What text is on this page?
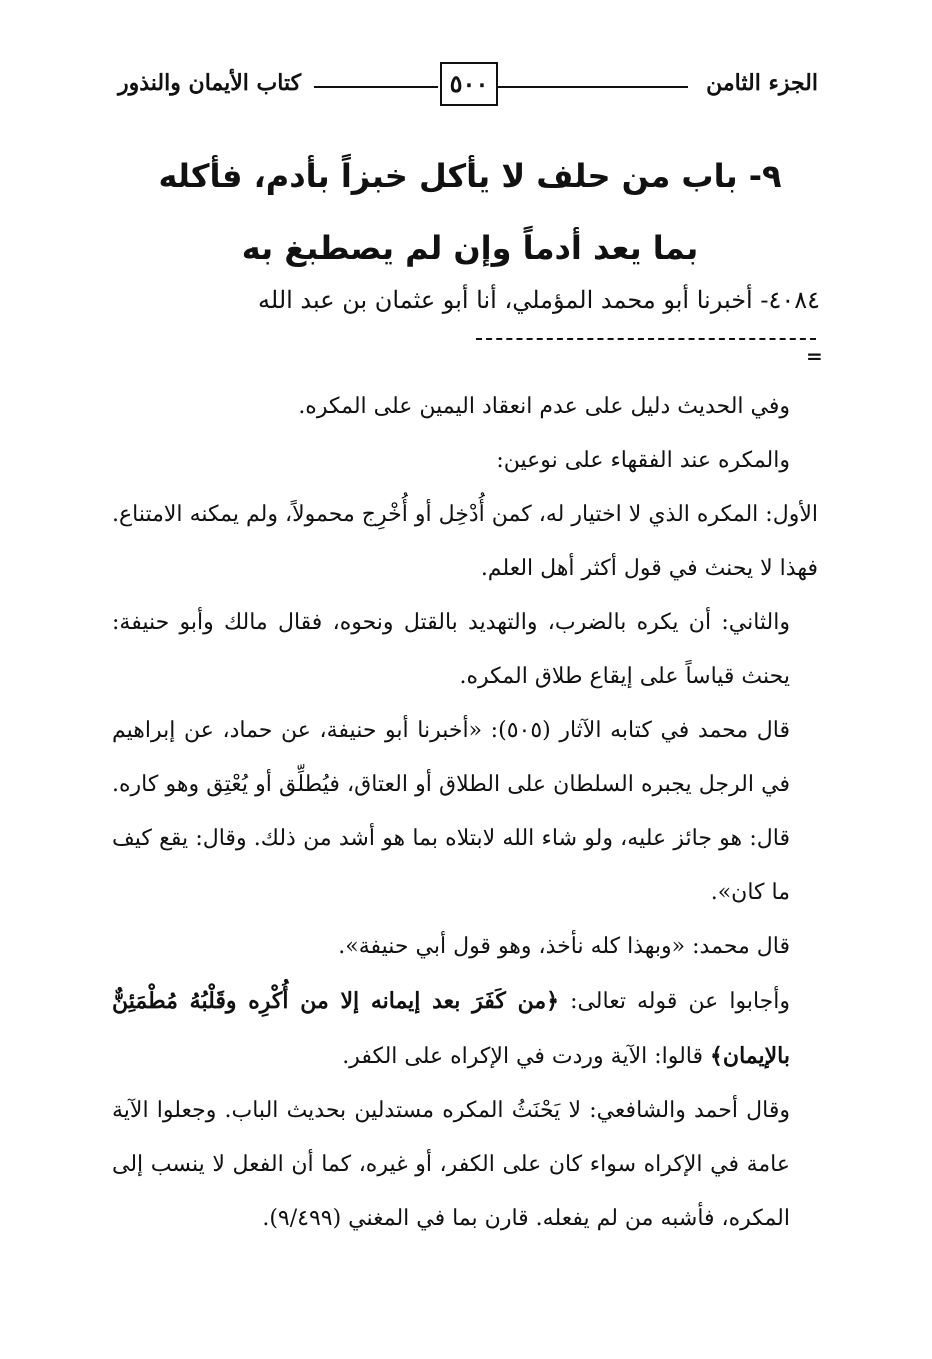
الجزء الثامن
٥٠٠
كتاب الأيمان والنذور
٩- باب من حلف لا يأكل خبزاً بأدم، فأكله
بما يعد أدماً وإن لم يصطبغ به
٤٠٨٤- أخبرنا أبو محمد المؤملي، أنا أبو عثمان بن عبد الله
=

وفي الحديث دليل على عدم انعقاد اليمين على المكره.

والمكره عند الفقهاء على نوعين:

الأول: المكره الذي لا اختيار له، كمن أُدْخِل أو أُخْرِج محمولاً، ولم يمكنه الامتناع. فهذا لا يحنث في قول أكثر أهل العلم.

والثاني: أن يكره بالضرب، والتهديد بالقتل ونحوه، فقال مالك وأبو حنيفة: يحنث قياساً على إيقاع طلاق المكره.

قال محمد في كتابه الآثار (٥٠٥): «أخبرنا أبو حنيفة، عن حماد، عن إبراهيم في الرجل يجبره السلطان على الطلاق أو العتاق، فيُطلِّق أو يُعْتِق وهو كاره. قال: هو جائز عليه، ولو شاء الله لابتلاه بما هو أشد من ذلك. وقال: يقع كيف ما كان».

قال محمد: «وبهذا كله نأخذ، وهو قول أبي حنيفة».

وأجابوا عن قوله تعالى: ﴿من كَفَرَ بعد إيمانه إلا من أُكْرِه وقَلْبُهُ مُطْمَئِنٌّ بالإيمان﴾ قالوا: الآية وردت في الإكراه على الكفر.

وقال أحمد والشافعي: لا يَحْنَثُ المكره مستدلين بحديث الباب. وجعلوا الآية عامة في الإكراه سواء كان على الكفر، أو غيره، كما أن الفعل لا ينسب إلى المكره، فأشبه من لم يفعله. قارن بما في المغني (٩/٤٩٩).
